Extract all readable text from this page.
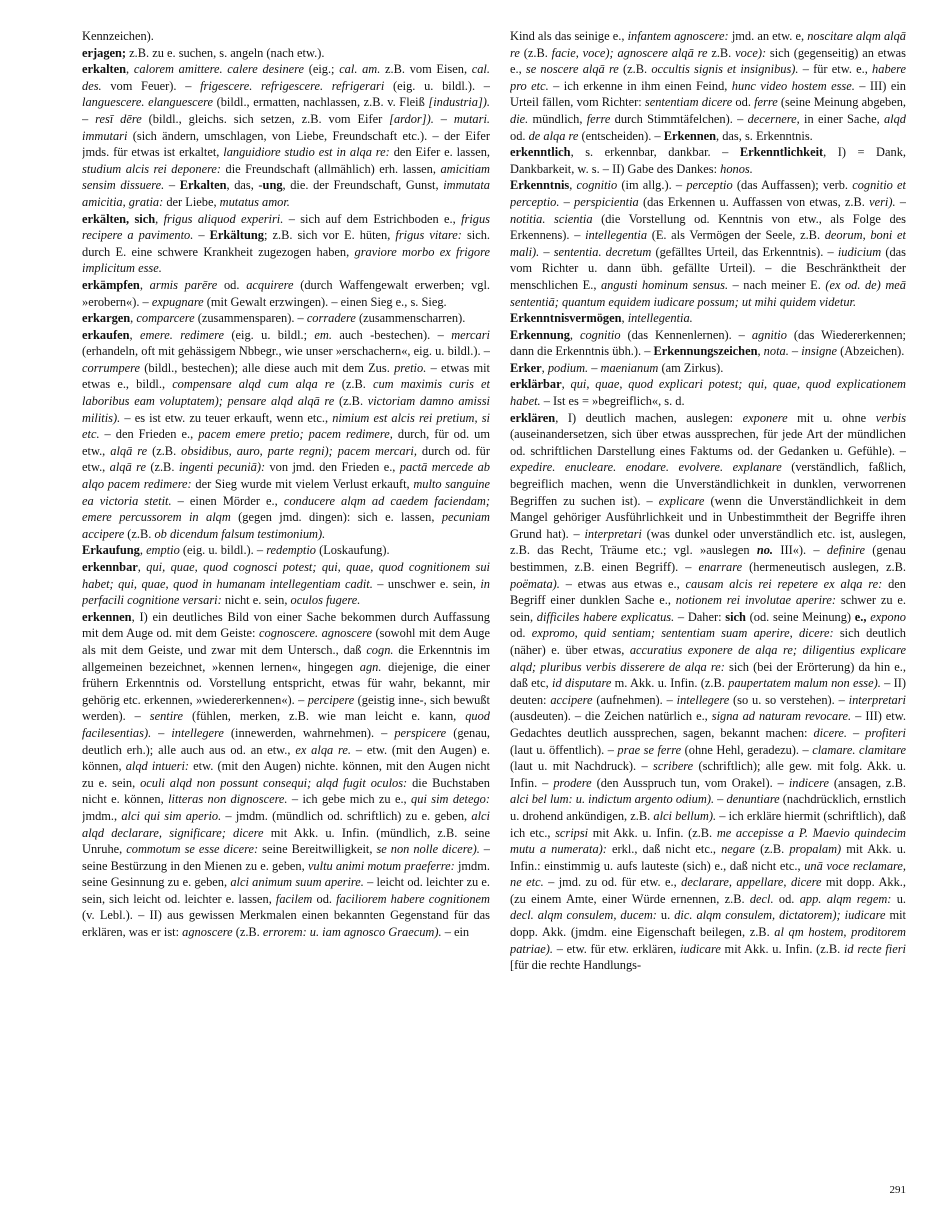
Kennzeichen).

erjagen; z.B. zu e. suchen, s. angeln (nach etw.).

erkalten, calorem amittere. calere desinere (eig.; cal. am. z.B. vom Eisen, cal. des. vom Feuer). – frigescere. refrigescere. refrigerari (eig. u. bildl.). – languescere. elanguescere (bildl., ermatten, nachlassen, z.B. v. Fleiß [industria]). – resī dēre (bildl., gleichs. sich setzen, z.B. vom Eifer [ardor]). – mutari. immutari (sich ändern, umschlagen, von Liebe, Freundschaft etc.). – der Eifer jmds. für etwas ist erkaltet, languidiore studio est in alqa re: den Eifer e. lassen, studium alcis rei deponere: die Freundschaft (allmählich) erh. lassen, amicitiam sensim dissuere. – Erkalten, das, -ung, die. der Freundschaft, Gunst, immutata amicitia, gratia: der Liebe, mutatus amor.

erkälten, sich, frigus aliquod experiri. – sich auf dem Estrichboden e., frigus recipere a pavimento. – Erkältung; z.B. sich vor E. hüten, frigus vitare: sich. durch E. eine schwere Krankheit zugezogen haben, graviore morbo ex frigore implicitum esse.

erkämpfen, armis parēre od. acquirere (durch Waffengewalt erwerben; vgl. »erobern«). – expugnare (mit Gewalt erzwingen). – einen Sieg e., s. Sieg.

erkargen, comparcere (zusammensparen). – corradere (zusammenscharren).

erkaufen, emere. redimere (eig. u. bildl.; em. auch -bestechen). – mercari (erhandeln, oft mit gehässigem Nbbegr., wie unser »erschachern«, eig. u. bildl.). – corrumpere (bildl., bestechen); alle diese auch mit dem Zus. pretio. – etwas mit etwas e., bildl., compensare alqd cum alqa re (z.B. cum maximis curis et laboribus eam voluptatem); pensare alqd alqā re (z.B. victoriam damno amissi militis). – es ist etw. zu teuer erkauft, wenn etc., nimium est alcis rei pretium, si etc. – den Frieden e., pacem emere pretio; pacem redimere, durch, für od. um etw., alqā re (z.B. obsidibus, auro, parte regni); pacem mercari, durch od. für etw., alqā re (z.B. ingenti pecuniā): von jmd. den Frieden e., pactā mercede ab alqo pacem redimere: der Sieg wurde mit vielem Verlust erkauft, multo sanguine ea victoria stetit. – einen Mörder e., conducere alqm ad caedem faciendam; emere percussorem in alqm (gegen jmd. dingen): sich e. lassen, pecuniam accipere (z.B. ob dicendum falsum testimonium).

Erkaufung, emptio (eig. u. bildl.). – redemptio (Loskaufung).

erkennbar, qui, quae, quod cognosci potest; qui, quae, quod cognitionem sui habet; qui, quae, quod in humanam intellegentiam cadit. – unschwer e. sein, in perfacili cognitione versari: nicht e. sein, oculos fugere.

erkennen, I) ein deutliches Bild von einer Sache bekommen durch Auffassung mit dem Auge od. mit dem Geiste: cognoscere. agnoscere (sowohl mit dem Auge als mit dem Geiste, und zwar mit dem Untersch., daß cogn. die Erkenntnis im allgemeinen bezeichnet, »kennen lernen«, hingegen agn. diejenige, die einer frühern Erkenntnis od. Vorstellung entspricht, etwas für wahr, bekannt, mir gehörig etc. erkennen, »wiedererkennen«). – percipere (geistig inne-, sich bewußt werden). – sentire (fühlen, merken, z.B. wie man leicht e. kann, quod facilesentias). – intellegere (innewerden, wahrnehmen). – perspicere (genau, deutlich erh.); alle auch aus od. an etw., ex alqa re. – etw. (mit den Augen) e. können, alqd intueri: etw. (mit den Augen) nichte. können, mit den Augen nicht zu e. sein, oculi alqd non possunt consequi; alqd fugit oculos: die Buchstaben nicht e. können, litteras non dignoscere. – ich gebe mich zu e., qui sim detego: jmdm., alci qui sim aperio. – jmdm. (mündlich od. schriftlich) zu e. geben, alci alqd declarare, significare; dicere mit Akk. u. Infin. (mündlich, z.B. seine Unruhe, commotum se esse dicere: seine Bereitwilligkeit, se non nolle dicere). – seine Bestürzung in den Mienen zu e. geben, vultu animi motum praeferre: jmdm. seine Gesinnung zu e. geben, alci animum suum aperire. – leicht od. leichter zu e. sein, sich leicht od. leichter e. lassen, facilem od. faciliorem habere cognitionem (v. Lebl.). – II) aus gewissen Merkmalen einen bekannten Gegenstand für das erklären, was er ist: agnoscere (z.B. errorem: u. iam agnosco Graecum). – ein

Kind als das seinige e., infantem agnoscere: jmd. an etw. e, noscitare alqm alqā re (z.B. facie, voce); agnoscere alqā re z.B. voce): sich (gegenseitig) an etwas e., se noscere alqā re (z.B. occultis signis et insignibus). – für etw. e., habere pro etc. – ich erkenne in ihm einen Feind, hunc video hostem esse. – III) ein Urteil fällen, vom Richter: sententiam dicere od. ferre (seine Meinung abgeben, die. mündlich, ferre durch Stimmtäfelchen). – decernere, in einer Sache, alqd od. de alqa re (entscheiden). – Erkennen, das, s. Erkenntnis.

erkenntlich, s. erkennbar, dankbar. – Erkenntlichkeit, I) = Dank, Dankbarkeit, w. s. – II) Gabe des Dankes: honos.

Erkenntnis, cognitio (im allg.). – perceptio (das Auffassen); verb. cognitio et perceptio. – perspicientia (das Erkennen u. Auffassen von etwas, z.B. veri). – notitia. scientia (die Vorstellung od. Kenntnis von etw., als Folge des Erkennens). – intellegentia (E. als Vermögen der Seele, z.B. deorum, boni et mali). – sententia. decretum (gefälltes Urteil, das Erkenntnis). – iudicium (das vom Richter u. dann übh. gefällte Urteil). – die Beschränktheit der menschlichen E., angusti hominum sensus. – nach meiner E. (ex od. de) meā sententiā; quantum equidem iudicare possum; ut mihi quidem videtur.

Erkenntnisvermögen, intellegentia.

Erkennung, cognitio (das Kennenlernen). – agnitio (das Wiedererkennen; dann die Erkenntnis übh.). – Erkennungszeichen, nota. – insigne (Abzeichen).

Erker, podium. – maenianum (am Zirkus).

erklärbar, qui, quae, quod explicari potest; qui, quae, quod explicationem habet. – Ist es = »begreiflich«, s. d.

erklären, I) deutlich machen, auslegen: exponere mit u. ohne verbis (auseinandersetzen, sich über etwas aussprechen, für jede Art der mündlichen od. schriftlichen Darstellung eines Faktums od. der Gedanken u. Gefühle). – expedire. enucleare. enodare. evolvere. explanare (verständlich, faßlich, begreiflich machen, wenn die Unverständlichkeit in dunklen, verworrenen Begriffen zu suchen ist). – explicare (wenn die Unverständlichkeit in dem Mangel gehöriger Ausführlichkeit und in Unbestimmtheit der Begriffe ihren Grund hat). – interpretari (was dunkel oder unverständlich etc. ist, auslegen, z.B. das Recht, Träume etc.; vgl. »auslegen no. III«). – definire (genau bestimmen, z.B. einen Begriff). – enarrare (hermeneutisch auslegen, z.B. poëmata). – etwas aus etwas e., causam alcis rei repetere ex alqa re: den Begriff einer dunklen Sache e., notionem rei involutae aperire: schwer zu e. sein, difficiles habere explicatus. – Daher: sich (od. seine Meinung) e., expono od. expromo, quid sentiam; sententiam suam aperire, dicere: sich deutlich (näher) e. über etwas, accuratius exponere de alqa re; diligentius explicare alqd; pluribus verbis disserere de alqa re: sich (bei der Erörterung) da hin e., daß etc, id disputare m. Akk. u. Infin. (z.B. paupertatem malum non esse). – II) deuten: accipere (aufnehmen). – intellegere (so u. so verstehen). – interpretari (ausdeuten). – die Zeichen natürlich e., signa ad naturam revocare. – III) etw. Gedachtes deutlich aussprechen, sagen, bekannt machen: dicere. – profiteri (laut u. öffentlich). – prae se ferre (ohne Hehl, geradezu). – clamare. clamitare (laut u. mit Nachdruck). – scribere (schriftlich); alle gew. mit folg. Akk. u. Infin. – prodere (den Ausspruch tun, vom Orakel). – indicere (ansagen, z.B. alci bel lum: u. indictum argento odium). – denuntiare (nachdrücklich, ernstlich u. drohend ankündigen, z.B. alci bellum). – ich erkläre hiermit (schriftlich), daß ich etc., scripsi mit Akk. u. Infin. (z.B. me accepisse a P. Maevio quindecim mutu a numerata): erkl., daß nicht etc., negare (z.B. propalam) mit Akk. u. Infin.: einstimmig u. aufs lauteste (sich) e., daß nicht etc., unā voce reclamare, ne etc. – jmd. zu od. für etw. e., declarare, appellare, dicere mit dopp. Akk., (zu einem Amte, einer Würde ernennen, z.B. decl. od. app. alqm regem: u. decl. alqm consulem, ducem: u. dic. alqm consulem, dictatorem); iudicare mit dopp. Akk. (jmdm. eine Eigenschaft beilegen, z.B. al qm hostem, proditorem patriae). – etw. für etw. erklären, iudicare mit Akk. u. Infin. (z.B. id recte fieri [für die rechte Handlungs-

291
